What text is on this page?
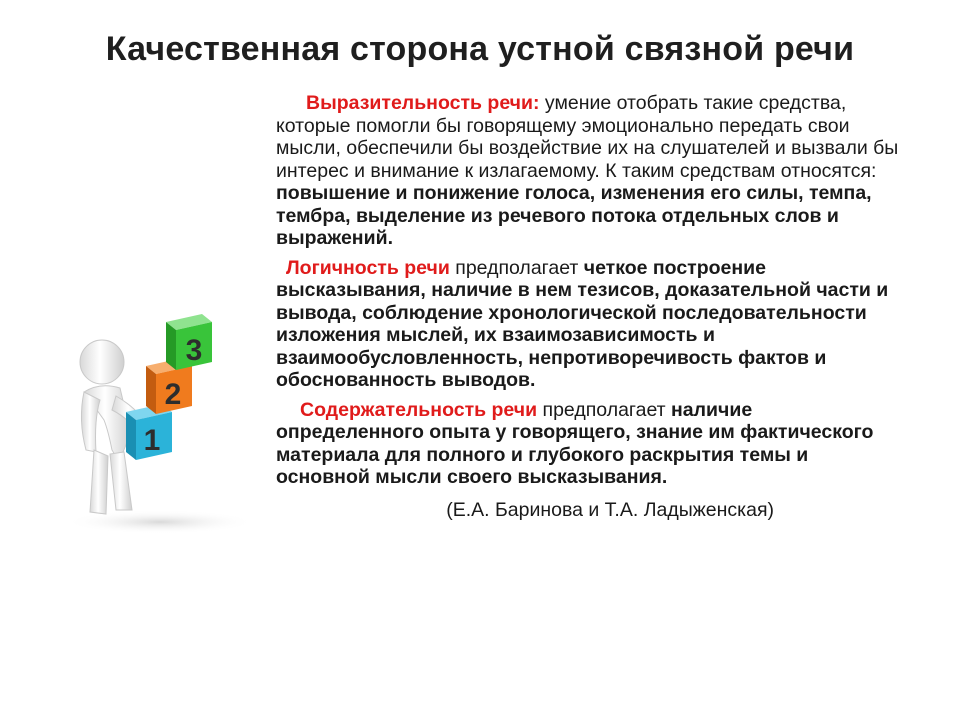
Качественная сторона устной связной речи
1
2
3

Выразительность речи: умение отобрать такие средства, которые помогли бы говорящему эмоционально передать свои мысли, обеспечили бы воздействие их на слушателей и вызвали бы интерес и внимание к излагаемому. К таким средствам относятся: повышение и понижение голоса, изменения его силы, темпа, тембра, выделение из речевого потока отдельных слов и выражений.

Логичность речи предполагает четкое построение высказывания, наличие в нем тезисов, доказательной части и вывода, соблюдение хронологической последовательности изложения мыслей, их взаимозависимость и взаимообусловленность, непротиворечивость фактов и обоснованность выводов.

Содержательность речи предполагает наличие определенного опыта у говорящего, знание им фактического материала для полного и глубокого раскрытия темы и основной мысли своего высказывания.

(Е.А. Баринова и Т.А. Ладыженская)
